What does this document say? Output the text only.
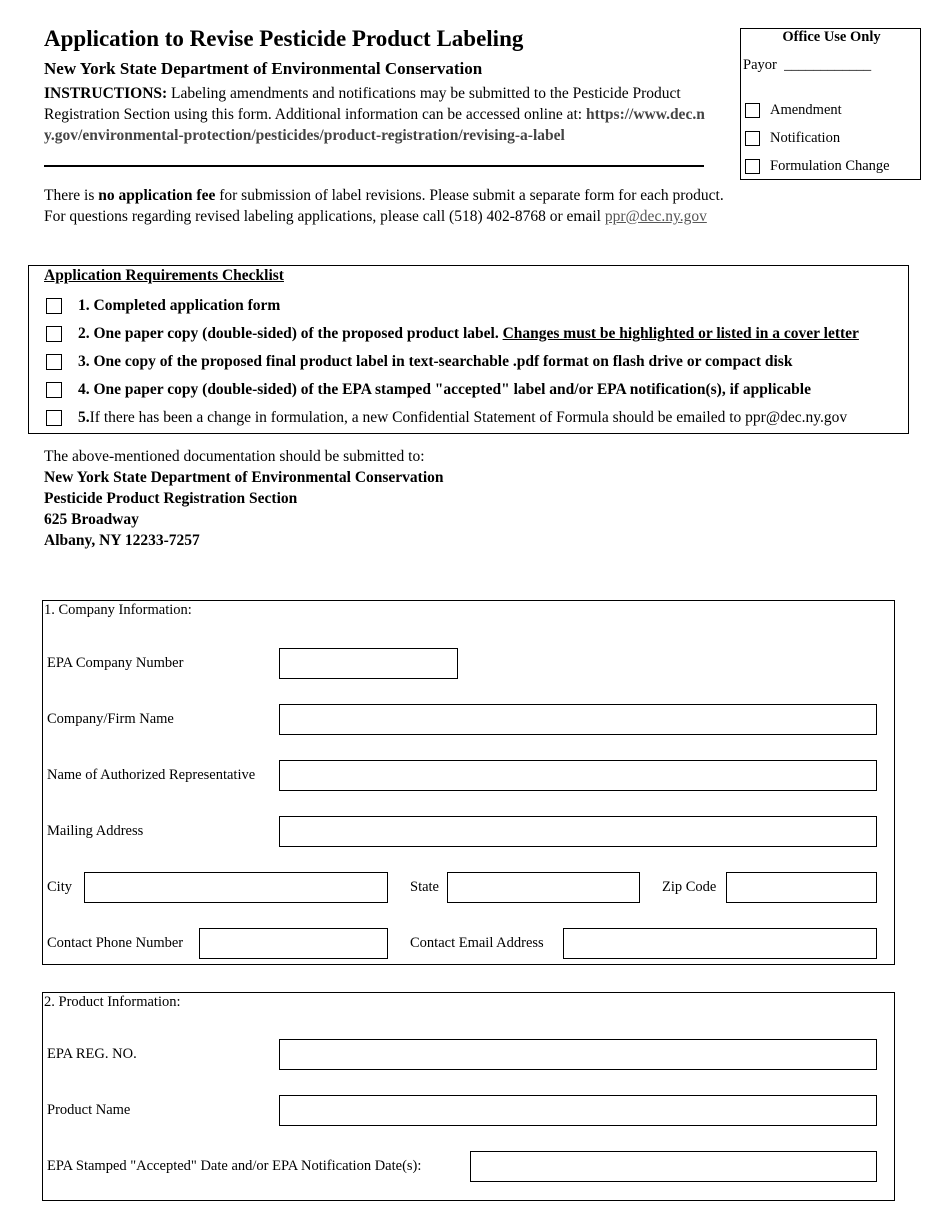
Application to Revise Pesticide Product Labeling
New York State Department of Environmental Conservation
INSTRUCTIONS: Labeling amendments and notifications may be submitted to the Pesticide Product Registration Section using this form. Additional information can be accessed online at: https://www.dec.ny.gov/environmental-protection/pesticides/product-registration/revising-a-label
There is no application fee for submission of label revisions. Please submit a separate form for each product. For questions regarding revised labeling applications, please call (518) 402-8768 or email ppr@dec.ny.gov
Office Use Only
Payor ____________
Amendment
Notification
Formulation Change
Application Requirements Checklist
1. Completed application form
2. One paper copy (double-sided) of the proposed product label.
Changes must be highlighted or listed in a cover letter
3. One copy of the proposed final product label in text-searchable .pdf format on flash drive or compact disk
4. One paper copy (double-sided) of the EPA stamped "accepted" label and/or EPA notification(s), if applicable
5. If there has been a change in formulation, a new Confidential Statement of Formula should be emailed to ppr@dec.ny.gov
The above-mentioned documentation should be submitted to:
New York State Department of Environmental Conservation
Pesticide Product Registration Section
625 Broadway
Albany, NY 12233-7257
1. Company Information:
EPA Company Number
Company/Firm Name
Name of Authorized Representative
Mailing Address
City	State	Zip Code
Contact Phone Number	Contact Email Address
2. Product Information:
EPA REG. NO.
Product Name
EPA Stamped "Accepted" Date and/or EPA Notification Date(s):
